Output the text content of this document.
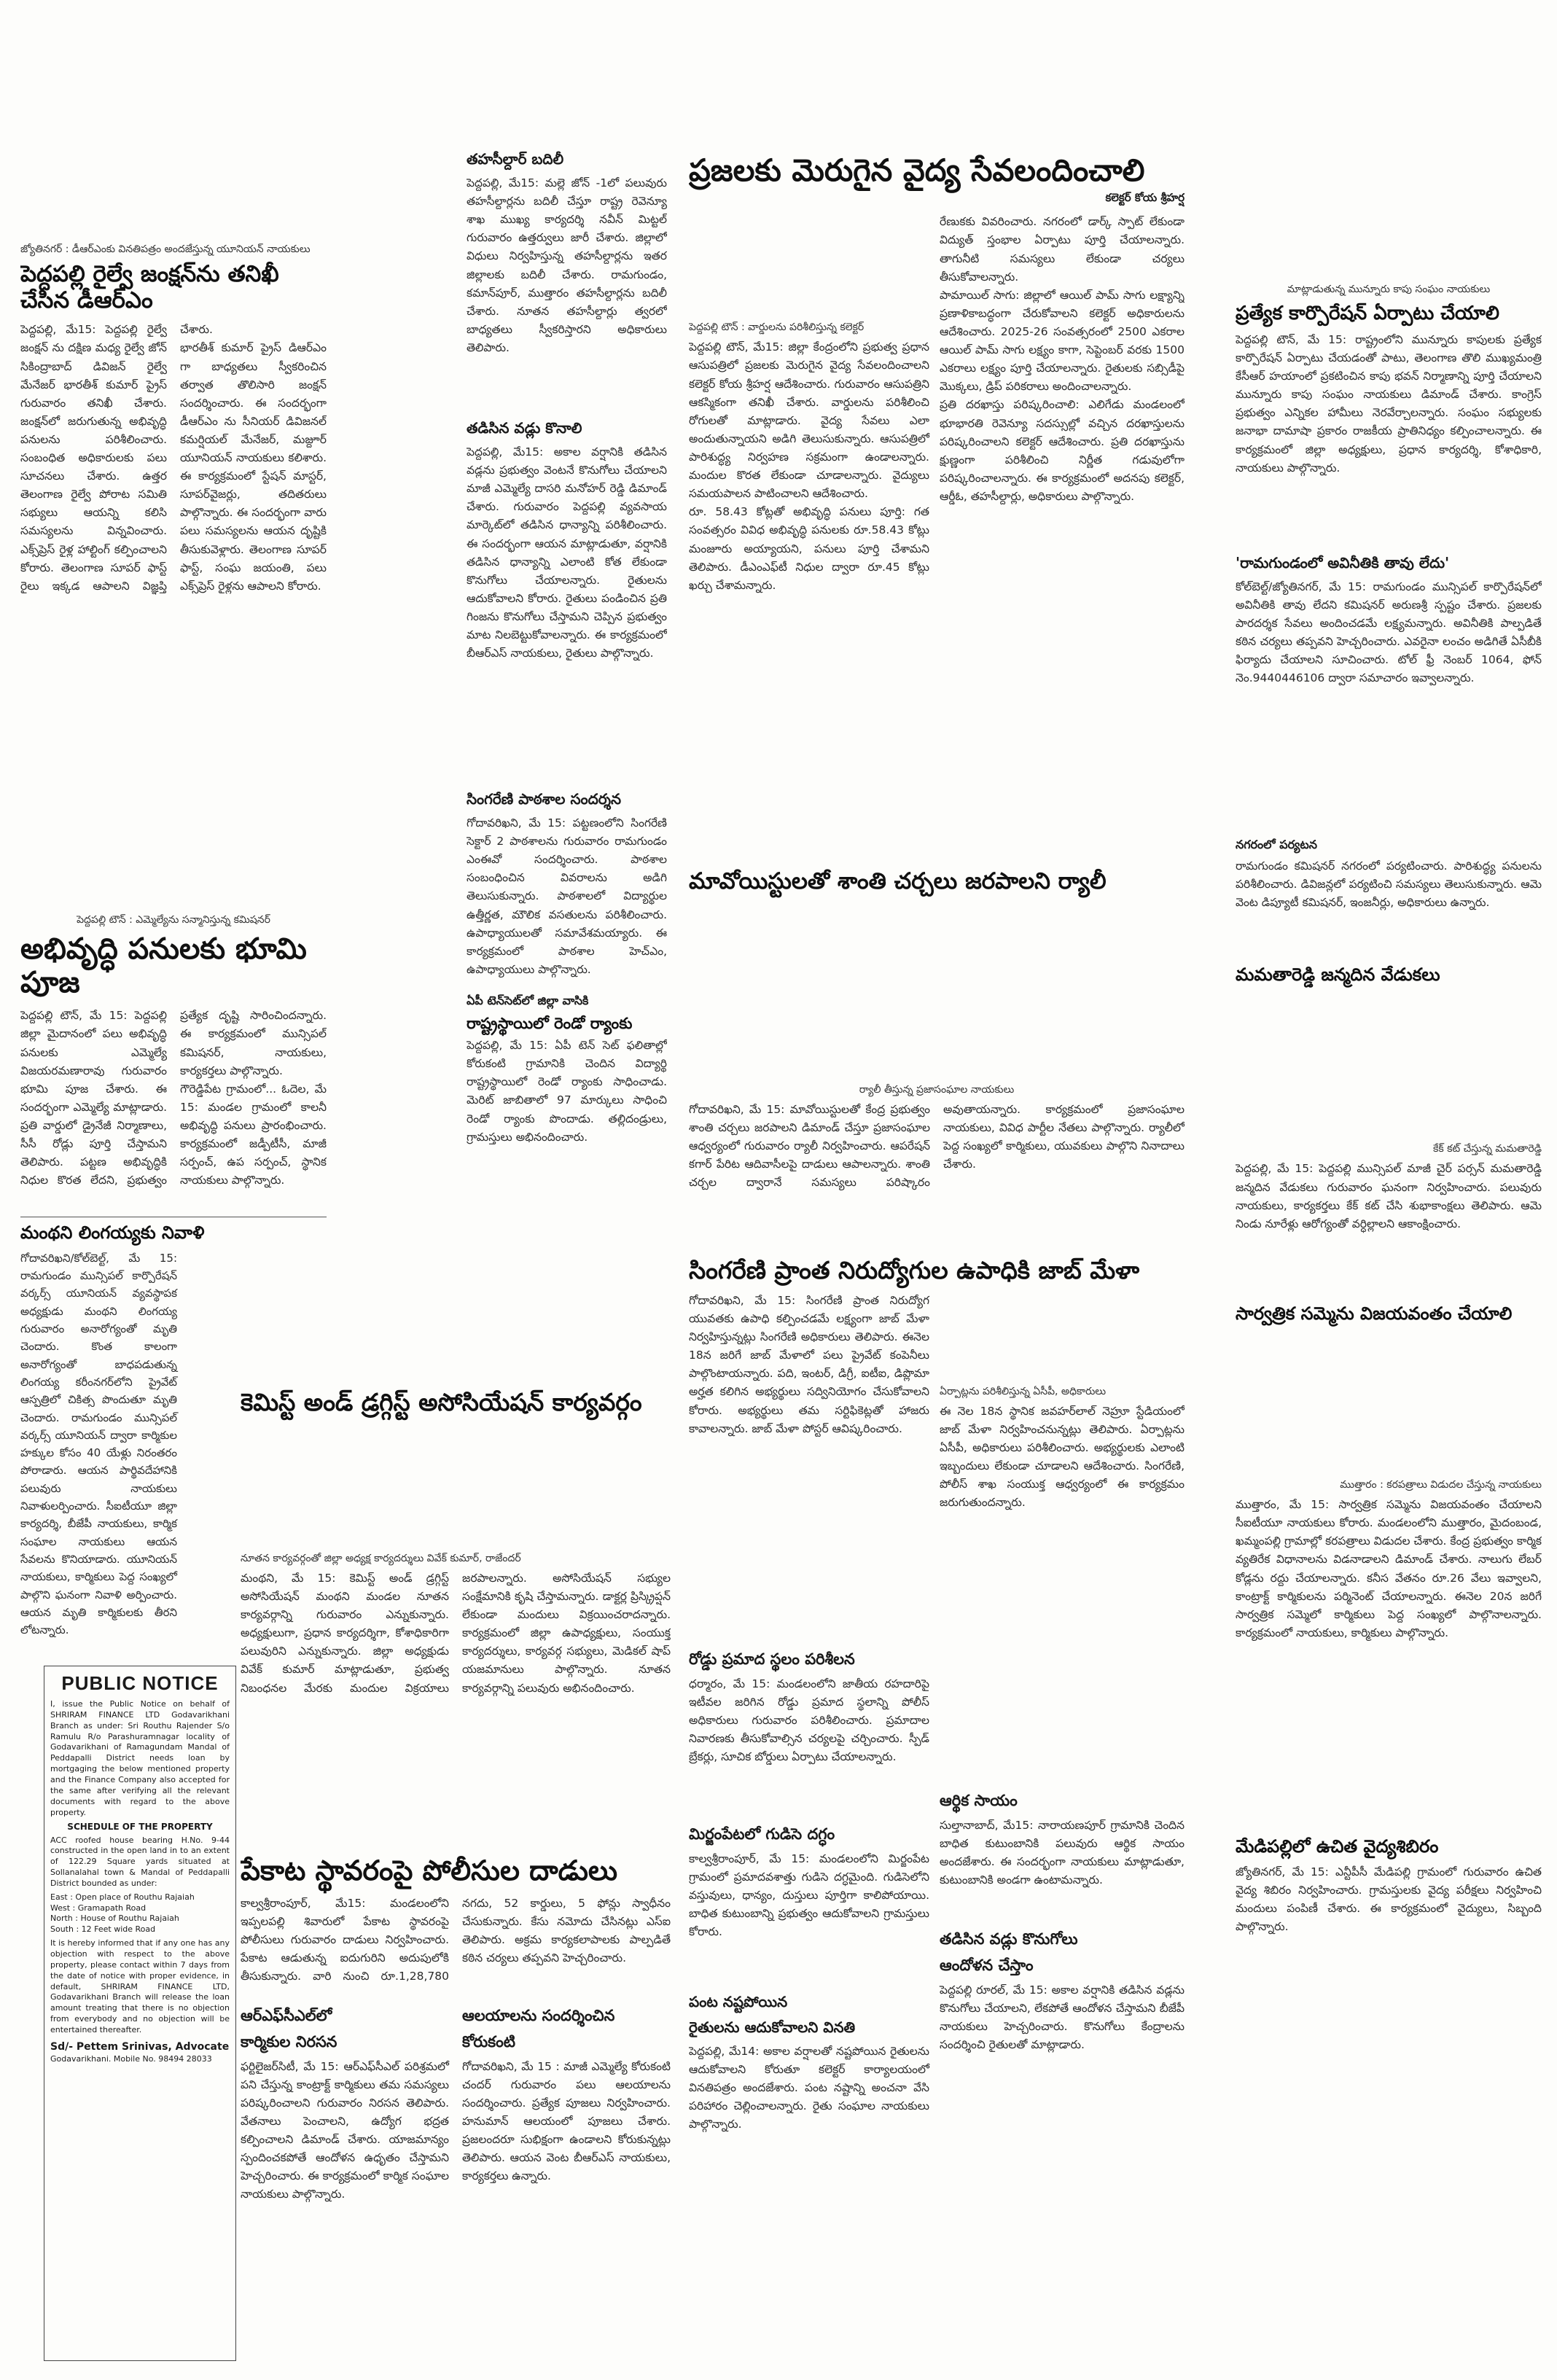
జ్యోతినగర్ : డీఆర్‌ఎంకు వినతిపత్రం అందజేస్తున్న యూనియన్ నాయకులు
పెద్దపల్లి రైల్వే జంక్షన్‌ను తనిఖీ చేసిన డీఆర్‌ఎం
పెద్దపల్లి, మే15: పెద్దపల్లి రైల్వే జంక్షన్ ను దక్షిణ మధ్య రైల్వే జోన్ సికింద్రాబాద్ డివిజన్ రైల్వే మేనేజర్ భారతీశ్ కుమార్ ప్రైస్ గురువారం తనిఖీ చేశారు. జంక్షన్‌లో జరుగుతున్న అభివృద్ధి పనులను పరిశీలించారు. సంబంధిత అధికారులకు పలు సూచనలు చేశారు. ఉత్తర తెలంగాణ రైల్వే పోరాట సమితి సభ్యులు ఆయన్ని కలిసి సమస్యలను విన్నవించారు. ఎక్స్‌ప్రెస్ రైళ్ల హాల్టింగ్ కల్పించాలని కోరారు. తెలంగాణ సూపర్ ఫాస్ట్ రైలు ఇక్కడ ఆపాలని విజ్ఞప్తి చేశారు.
భారతీశ్ కుమార్ ప్రైస్ డిఆర్‌ఎం గా బాధ్యతలు స్వీకరించిన తర్వాత తొలిసారి జంక్షన్ సందర్శించారు. ఈ సందర్భంగా డీఆర్‌ఎం ను సీనియర్ డివిజనల్ కమర్షియల్ మేనేజర్, మజ్దూర్ యూనియన్ నాయకులు కలిశారు. ఈ కార్యక్రమంలో స్టేషన్ మాస్టర్, సూపర్‌వైజర్లు, తదితరులు పాల్గొన్నారు. ఈ సందర్భంగా వారు పలు సమస్యలను ఆయన దృష్టికి తీసుకువెళ్లారు. తెలంగాణ సూపర్ ఫాస్ట్, సంఘ జయంతి, పలు ఎక్స్‌ప్రెస్ రైళ్లను ఆపాలని కోరారు.
పెద్దపల్లి టౌన్ : ఎమ్మెల్యేను సన్మానిస్తున్న కమిషనర్
అభివృద్ధి పనులకు భూమి పూజ
పెద్దపల్లి టౌన్, మే 15: పెద్దపల్లి జిల్లా మైదానంలో పలు అభివృద్ధి పనులకు ఎమ్మెల్యే విజయరమణారావు గురువారం భూమి పూజ చేశారు. ఈ సందర్భంగా ఎమ్మెల్యే మాట్లాడారు. ప్రతి వార్డులో డ్రైనేజీ నిర్మాణాలు, సీసీ రోడ్లు పూర్తి చేస్తామని తెలిపారు. పట్టణ అభివృద్ధికి నిధుల కొరత లేదని, ప్రభుత్వం ప్రత్యేక దృష్టి సారించిందన్నారు. ఈ కార్యక్రమంలో మున్సిపల్ కమిషనర్, నాయకులు, కార్యకర్తలు పాల్గొన్నారు.
గౌరెడ్డిపేట గ్రామంలో... ఓదెల, మే 15: మండల గ్రామంలో కాలనీ అభివృద్ధి పనులు ప్రారంభించారు. కార్యక్రమంలో జడ్పీటీసీ, మాజీ సర్పంచ్, ఉప సర్పంచ్, స్థానిక నాయకులు పాల్గొన్నారు.
మంథని లింగయ్యకు నివాళి
గోదావరిఖని/కోల్‌బెల్ట్, మే 15: రామగుండం మున్సిపల్ కార్పొరేషన్ వర్కర్స్ యూనియన్ వ్యవస్థాపక అధ్యక్షుడు మంథని లింగయ్య గురువారం అనారోగ్యంతో మృతి చెందారు. కొంత కాలంగా అనారోగ్యంతో బాధపడుతున్న లింగయ్య కరీంనగర్‌లోని ప్రైవేట్ ఆస్పత్రిలో చికిత్స పొందుతూ మృతి చెందారు. రామగుండం మున్సిపల్ వర్కర్స్ యూనియన్ ద్వారా కార్మికుల హక్కుల కోసం 40 యేళ్లు నిరంతరం పోరాడారు. ఆయన పార్థివదేహానికి పలువురు నాయకులు నివాళులర్పించారు. సీఐటీయూ జిల్లా కార్యదర్శి, బీజేపీ నాయకులు, కార్మిక సంఘాల నాయకులు ఆయన సేవలను కొనియాడారు. యూనియన్ నాయకులు, కార్మికులు పెద్ద సంఖ్యలో పాల్గొని ఘనంగా నివాళి అర్పించారు. ఆయన మృతి కార్మికులకు తీరని లోటన్నారు.
PUBLIC NOTICE
I, issue the Public Notice on behalf of SHRIRAM FINANCE LTD Godavarikhani Branch as under: Sri Routhu Rajender S/o Ramulu R/o Parashuramnagar locality of Godavarikhani of Ramagundam Mandal of Peddapalli District needs loan by mortgaging the below mentioned property and the Finance Company also accepted for the same after verifying all the relevant documents with regard to the above property.
SCHEDULE OF THE PROPERTY
ACC roofed house bearing H.No. 9-44 constructed in the open land in to an extent of 122.29 Square yards situated at Sollanalahal town & Mandal of Peddapalli District bounded as under:
East : Open place of Routhu Rajaiah
West : Gramapath Road
North : House of Routhu Rajaiah
South : 12 Feet wide Road
It is hereby informed that if any one has any objection with respect to the above property, please contact within 7 days from the date of notice with proper evidence, in default, SHRIRAM FINANCE LTD, Godavarikhani Branch will release the loan amount treating that there is no objection from everybody and no objection will be entertained thereafter.
Sd/- Pettem Srinivas, Advocate
Godavarikhani. Mobile No. 98494 28033
తహసీల్దార్ బదిలీ
పెద్దపల్లి, మే15: మల్లె జోన్ -1లో పలువురు తహసీల్దార్లను బదిలీ చేస్తూ రాష్ట్ర రెవెన్యూ శాఖ ముఖ్య కార్యదర్శి నవీన్ మిట్టల్ గురువారం ఉత్తర్వులు జారీ చేశారు. జిల్లాలో విధులు నిర్వహిస్తున్న తహసీల్దార్లను ఇతర జిల్లాలకు బదిలీ చేశారు. రామగుండం, కమాన్‌పూర్, ముత్తారం తహసీల్దార్లను బదిలీ చేశారు. నూతన తహసీల్దార్లు త్వరలో బాధ్యతలు స్వీకరిస్తారని అధికారులు తెలిపారు.
తడిసిన వడ్లు కొనాలి
పెద్దపల్లి, మే15: అకాల వర్షానికి తడిసిన వడ్లను ప్రభుత్వం వెంటనే కొనుగోలు చేయాలని మాజీ ఎమ్మెల్యే దాసరి మనోహర్ రెడ్డి డిమాండ్ చేశారు. గురువారం పెద్దపల్లి వ్యవసాయ మార్కెట్‌లో తడిసిన ధాన్యాన్ని పరిశీలించారు. ఈ సందర్భంగా ఆయన మాట్లాడుతూ, వర్షానికి తడిసిన ధాన్యాన్ని ఎలాంటి కోత లేకుండా కొనుగోలు చేయాలన్నారు. రైతులను ఆదుకోవాలని కోరారు. రైతులు పండించిన ప్రతి గింజను కొనుగోలు చేస్తామని చెప్పిన ప్రభుత్వం మాట నిలబెట్టుకోవాలన్నారు. ఈ కార్యక్రమంలో బీఆర్‌ఎస్ నాయకులు, రైతులు పాల్గొన్నారు.
సింగరేణి పాఠశాల సందర్శన
గోదావరిఖని, మే 15: పట్టణంలోని సింగరేణి సెక్టార్ 2 పాఠశాలను గురువారం రామగుండం ఎంఈవో సందర్శించారు. పాఠశాల సంబంధించిన వివరాలను అడిగి తెలుసుకున్నారు. పాఠశాలలో విద్యార్థుల ఉత్తీర్ణత, మౌలిక వసతులను పరిశీలించారు. ఉపాధ్యాయులతో సమావేశమయ్యారు. ఈ కార్యక్రమంలో పాఠశాల హెచ్‌ఎం, ఉపాధ్యాయులు పాల్గొన్నారు.
ఏపీ టెన్‌సెట్‌లో జిల్లా వాసికి
రాష్ట్రస్థాయిలో రెండో ర్యాంకు
పెద్దపల్లి, మే 15: ఏపీ టెన్ సెట్ ఫలితాల్లో కోరుకంటి గ్రామానికి చెందిన విద్యార్థి రాష్ట్రస్థాయిలో రెండో ర్యాంకు సాధించాడు. మెరిట్ జాబితాలో 97 మార్కులు సాధించి రెండో ర్యాంకు పొందాడు. తల్లిదండ్రులు, గ్రామస్తులు అభినందించారు.
కెమిస్ట్ అండ్ డ్రగ్గిస్ట్ అసోసియేషన్ కార్యవర్గం
నూతన కార్యవర్గంతో జిల్లా అధ్యక్ష కార్యదర్శులు వివేక్ కుమార్, రాజేందర్
మంథని, మే 15: కెమిస్ట్ అండ్ డ్రగ్గిస్ట్ అసోసియేషన్ మంథని మండల నూతన కార్యవర్గాన్ని గురువారం ఎన్నుకున్నారు. అధ్యక్షులుగా, ప్రధాన కార్యదర్శిగా, కోశాధికారిగా పలువురిని ఎన్నుకున్నారు. జిల్లా అధ్యక్షుడు వివేక్ కుమార్ మాట్లాడుతూ, ప్రభుత్వ నిబంధనల మేరకు మందుల విక్రయాలు జరపాలన్నారు. అసోసియేషన్ సభ్యుల సంక్షేమానికి కృషి చేస్తామన్నారు. డాక్టర్ల ప్రిస్క్రిప్షన్ లేకుండా మందులు విక్రయించరాదన్నారు. కార్యక్రమంలో జిల్లా ఉపాధ్యక్షులు, సంయుక్త కార్యదర్శులు, కార్యవర్గ సభ్యులు, మెడికల్ షాప్ యజమానులు పాల్గొన్నారు. నూతన కార్యవర్గాన్ని పలువురు అభినందించారు.
పేకాట స్థావరంపై పోలీసుల దాడులు
కాల్వశ్రీరాంపూర్, మే15: మండలంలోని ఇప్పలపల్లి శివారులో పేకాట స్థావరంపై పోలీసులు గురువారం దాడులు నిర్వహించారు. పేకాట ఆడుతున్న ఐదుగురిని అదుపులోకి తీసుకున్నారు. వారి నుంచి రూ.1,28,780 నగదు, 52 కార్డులు, 5 ఫోన్లు స్వాధీనం చేసుకున్నారు. కేసు నమోదు చేసినట్లు ఎస్ఐ తెలిపారు. అక్రమ కార్యకలాపాలకు పాల్పడితే కఠిన చర్యలు తప్పవని హెచ్చరించారు.
ఆర్‌ఎఫ్‌సీఎల్‌లో
కార్మికుల నిరసన
ఫర్టిలైజర్‌సిటీ, మే 15: ఆర్‌ఎఫ్‌సీఎల్ పరిశ్రమలో పని చేస్తున్న కాంట్రాక్ట్ కార్మికులు తమ సమస్యలు పరిష్కరించాలని గురువారం నిరసన తెలిపారు. వేతనాలు పెంచాలని, ఉద్యోగ భద్రత కల్పించాలని డిమాండ్ చేశారు. యాజమాన్యం స్పందించకపోతే ఆందోళన ఉధృతం చేస్తామని హెచ్చరించారు. ఈ కార్యక్రమంలో కార్మిక సంఘాల నాయకులు పాల్గొన్నారు.
ఆలయాలను సందర్శించిన
కోరుకంటి
గోదావరిఖని, మే 15 : మాజీ ఎమ్మెల్యే కోరుకంటి చందర్ గురువారం పలు ఆలయాలను సందర్శించారు. ప్రత్యేక పూజలు నిర్వహించారు. హనుమాన్ ఆలయంలో పూజలు చేశారు. ప్రజలందరూ సుభిక్షంగా ఉండాలని కోరుకున్నట్లు తెలిపారు. ఆయన వెంట బీఆర్ఎస్ నాయకులు, కార్యకర్తలు ఉన్నారు.
ప్రజలకు మెరుగైన వైద్య సేవలందించాలి
కలెక్టర్ కోయ శ్రీహర్ష
పెద్దపల్లి టౌన్ : వార్డులను పరిశీలిస్తున్న కలెక్టర్
పెద్దపల్లి టౌన్, మే15: జిల్లా కేంద్రంలోని ప్రభుత్వ ప్రధాన ఆసుపత్రిలో ప్రజలకు మెరుగైన వైద్య సేవలందించాలని కలెక్టర్ కోయ శ్రీహర్ష ఆదేశించారు. గురువారం ఆసుపత్రిని ఆకస్మికంగా తనిఖీ చేశారు. వార్డులను పరిశీలించి రోగులతో మాట్లాడారు. వైద్య సేవలు ఎలా అందుతున్నాయని అడిగి తెలుసుకున్నారు. ఆసుపత్రిలో పారిశుద్ధ్య నిర్వహణ సక్రమంగా ఉండాలన్నారు. మందుల కొరత లేకుండా చూడాలన్నారు. వైద్యులు సమయపాలన పాటించాలని ఆదేశించారు.
రూ. 58.43 కోట్లతో అభివృద్ధి పనులు పూర్తి: గత సంవత్సరం వివిధ అభివృద్ధి పనులకు రూ.58.43 కోట్లు మంజూరు అయ్యాయని, పనులు పూర్తి చేశామని తెలిపారు. డీఎంఎఫ్‌టీ నిధుల ద్వారా రూ.45 కోట్లు ఖర్చు చేశామన్నారు.
రేణుకకు వివరించారు. నగరంలో డార్క్ స్పాట్ లేకుండా విద్యుత్ స్తంభాల ఏర్పాటు పూర్తి చేయాలన్నారు. తాగునీటి సమస్యలు లేకుండా చర్యలు తీసుకోవాలన్నారు.
పామాయిల్ సాగు: జిల్లాలో ఆయిల్ పామ్ సాగు లక్ష్యాన్ని ప్రణాళికాబద్ధంగా చేరుకోవాలని కలెక్టర్ అధికారులను ఆదేశించారు. 2025-26 సంవత్సరంలో 2500 ఎకరాల ఆయిల్ పామ్ సాగు లక్ష్యం కాగా, సెప్టెంబర్ వరకు 1500 ఎకరాలు లక్ష్యం పూర్తి చేయాలన్నారు. రైతులకు సబ్సిడీపై మొక్కలు, డ్రిప్ పరికరాలు అందించాలన్నారు.
ప్రతి దరఖాస్తు పరిష్కరించాలి: ఎలిగేడు మండలంలో భూభారతి రెవెన్యూ సదస్సుల్లో వచ్చిన దరఖాస్తులను పరిష్కరించాలని కలెక్టర్ ఆదేశించారు. ప్రతి దరఖాస్తును క్షుణ్ణంగా పరిశీలించి నిర్ణీత గడువులోగా పరిష్కరించాలన్నారు. ఈ కార్యక్రమంలో అదనపు కలెక్టర్, ఆర్డీఓ, తహసీల్దార్లు, అధికారులు పాల్గొన్నారు.
మావోయిస్టులతో శాంతి చర్చలు జరపాలని ర్యాలీ
ర్యాలీ తీస్తున్న ప్రజాసంఘాల నాయకులు
గోదావరిఖని, మే 15: మావోయిస్టులతో కేంద్ర ప్రభుత్వం శాంతి చర్చలు జరపాలని డిమాండ్ చేస్తూ ప్రజాసంఘాల ఆధ్వర్యంలో గురువారం ర్యాలీ నిర్వహించారు. ఆపరేషన్ కగార్ పేరిట ఆదివాసీలపై దాడులు ఆపాలన్నారు. శాంతి చర్చల ద్వారానే సమస్యలు పరిష్కారం అవుతాయన్నారు. కార్యక్రమంలో ప్రజాసంఘాల నాయకులు, వివిధ పార్టీల నేతలు పాల్గొన్నారు. ర్యాలీలో పెద్ద సంఖ్యలో కార్మికులు, యువకులు పాల్గొని నినాదాలు చేశారు.
సింగరేణి ప్రాంత నిరుద్యోగుల ఉపాధికి జాబ్ మేళా
గోదావరిఖని, మే 15: సింగరేణి ప్రాంత నిరుద్యోగ యువతకు ఉపాధి కల్పించడమే లక్ష్యంగా జాబ్ మేళా నిర్వహిస్తున్నట్లు సింగరేణి అధికారులు తెలిపారు. ఈనెల 18న జరిగే జాబ్ మేళాలో పలు ప్రైవేట్ కంపెనీలు పాల్గొంటాయన్నారు. పది, ఇంటర్, డిగ్రీ, ఐటీఐ, డిప్లొమా అర్హత కలిగిన అభ్యర్థులు సద్వినియోగం చేసుకోవాలని కోరారు. అభ్యర్థులు తమ సర్టిఫికెట్లతో హాజరు కావాలన్నారు. జాబ్ మేళా పోస్టర్ ఆవిష్కరించారు.
ఏర్పాట్లను పరిశీలిస్తున్న ఏసీపీ, అధికారులు
ఈ నెల 18న స్థానిక జవహర్‌లాల్ నెహ్రూ స్టేడియంలో జాబ్ మేళా నిర్వహించనున్నట్లు తెలిపారు. ఏర్పాట్లను ఏసీపీ, అధికారులు పరిశీలించారు. అభ్యర్థులకు ఎలాంటి ఇబ్బందులు లేకుండా చూడాలని ఆదేశించారు. సింగరేణి, పోలీస్ శాఖ సంయుక్త ఆధ్వర్యంలో ఈ కార్యక్రమం జరుగుతుందన్నారు.
రోడ్డు ప్రమాద స్థలం పరిశీలన
ధర్మారం, మే 15: మండలంలోని జాతీయ రహదారిపై ఇటీవల జరిగిన రోడ్డు ప్రమాద స్థలాన్ని పోలీస్ అధికారులు గురువారం పరిశీలించారు. ప్రమాదాల నివారణకు తీసుకోవాల్సిన చర్యలపై చర్చించారు. స్పీడ్ బ్రేకర్లు, సూచిక బోర్డులు ఏర్పాటు చేయాలన్నారు.
మిర్జంపేటలో గుడిసె దగ్ధం
కాల్వశ్రీరాంపూర్, మే 15: మండలంలోని మిర్జంపేట గ్రామంలో ప్రమాదవశాత్తు గుడిసె దగ్ధమైంది. గుడిసెలోని వస్తువులు, ధాన్యం, దుస్తులు పూర్తిగా కాలిపోయాయి. బాధిత కుటుంబాన్ని ప్రభుత్వం ఆదుకోవాలని గ్రామస్తులు కోరారు.
పంట నష్టపోయిన
రైతులను ఆదుకోవాలని వినతి
పెద్దపల్లి, మే14: అకాల వర్షాలతో నష్టపోయిన రైతులను ఆదుకోవాలని కోరుతూ కలెక్టర్ కార్యాలయంలో వినతిపత్రం అందజేశారు. పంట నష్టాన్ని అంచనా వేసి పరిహారం చెల్లించాలన్నారు. రైతు సంఘాల నాయకులు పాల్గొన్నారు.
ఆర్థిక సాయం
సుల్తానాబాద్, మే15: నారాయణపూర్ గ్రామానికి చెందిన బాధిత కుటుంబానికి పలువురు ఆర్థిక సాయం అందజేశారు. ఈ సందర్భంగా నాయకులు మాట్లాడుతూ, కుటుంబానికి అండగా ఉంటామన్నారు.
తడిసిన వడ్లు కొనుగోలు
ఆందోళన చేస్తాం
పెద్దపల్లి రూరల్, మే 15: అకాల వర్షానికి తడిసిన వడ్లను కొనుగోలు చేయాలని, లేకపోతే ఆందోళన చేస్తామని బీజేపీ నాయకులు హెచ్చరించారు. కొనుగోలు కేంద్రాలను సందర్శించి రైతులతో మాట్లాడారు.
మాట్లాడుతున్న మున్నూరు కాపు సంఘం నాయకులు
ప్రత్యేక కార్పొరేషన్ ఏర్పాటు చేయాలి
పెద్దపల్లి టౌన్, మే 15: రాష్ట్రంలోని మున్నూరు కాపులకు ప్రత్యేక కార్పొరేషన్ ఏర్పాటు చేయడంతో పాటు, తెలంగాణ తొలి ముఖ్యమంత్రి కేసీఆర్ హయాంలో ప్రకటించిన కాపు భవన్ నిర్మాణాన్ని పూర్తి చేయాలని మున్నూరు కాపు సంఘం నాయకులు డిమాండ్ చేశారు. కాంగ్రెస్ ప్రభుత్వం ఎన్నికల హామీలు నెరవేర్చాలన్నారు. సంఘం సభ్యులకు జనాభా దామాషా ప్రకారం రాజకీయ ప్రాతినిధ్యం కల్పించాలన్నారు. ఈ కార్యక్రమంలో జిల్లా అధ్యక్షులు, ప్రధాన కార్యదర్శి, కోశాధికారి, నాయకులు పాల్గొన్నారు.
'రామగుండంలో అవినీతికి తావు లేదు'
కోల్‌బెల్ట్/జ్యోతినగర్, మే 15: రామగుండం మున్సిపల్ కార్పొరేషన్‌లో అవినీతికి తావు లేదని కమిషనర్ అరుణశ్రీ స్పష్టం చేశారు. ప్రజలకు పారదర్శక సేవలు అందించడమే లక్ష్యమన్నారు. అవినీతికి పాల్పడితే కఠిన చర్యలు తప్పవని హెచ్చరించారు. ఎవరైనా లంచం అడిగితే ఏసీబీకి ఫిర్యాదు చేయాలని సూచించారు. టోల్ ఫ్రీ నెంబర్ 1064, ఫోన్ నెం.9440446106 ద్వారా సమాచారం ఇవ్వాలన్నారు.
నగరంలో పర్యటన
రామగుండం కమిషనర్ నగరంలో పర్యటించారు. పారిశుద్ధ్య పనులను పరిశీలించారు. డివిజన్లలో పర్యటించి సమస్యలు తెలుసుకున్నారు. ఆమె వెంట డిప్యూటీ కమిషనర్, ఇంజనీర్లు, అధికారులు ఉన్నారు.
మమతారెడ్డి జన్మదిన వేడుకలు
కేక్ కట్ చేస్తున్న మమతారెడ్డి
పెద్దపల్లి, మే 15: పెద్దపల్లి మున్సిపల్ మాజీ చైర్ పర్సన్ మమతారెడ్డి జన్మదిన వేడుకలు గురువారం ఘనంగా నిర్వహించారు. పలువురు నాయకులు, కార్యకర్తలు కేక్ కట్ చేసి శుభాకాంక్షలు తెలిపారు. ఆమె నిండు నూరేళ్లు ఆరోగ్యంతో వర్ధిల్లాలని ఆకాంక్షించారు.
సార్వత్రిక సమ్మెను విజయవంతం చేయాలి
ముత్తారం : కరపత్రాలు విడుదల చేస్తున్న నాయకులు
ముత్తారం, మే 15: సార్వత్రిక సమ్మెను విజయవంతం చేయాలని సీఐటీయూ నాయకులు కోరారు. మండలంలోని ముత్తారం, మైదంబండ, ఖమ్మంపల్లి గ్రామాల్లో కరపత్రాలు విడుదల చేశారు. కేంద్ర ప్రభుత్వం కార్మిక వ్యతిరేక విధానాలను విడనాడాలని డిమాండ్ చేశారు. నాలుగు లేబర్ కోడ్లను రద్దు చేయాలన్నారు. కనీస వేతనం రూ.26 వేలు ఇవ్వాలని, కాంట్రాక్ట్ కార్మికులను పర్మినెంట్ చేయాలన్నారు. ఈనెల 20న జరిగే సార్వత్రిక సమ్మెలో కార్మికులు పెద్ద సంఖ్యలో పాల్గొనాలన్నారు. కార్యక్రమంలో నాయకులు, కార్మికులు పాల్గొన్నారు.
మేడిపల్లిలో ఉచిత వైద్యశిబిరం
జ్యోతినగర్, మే 15: ఎన్టీపీసీ మేడిపల్లి గ్రామంలో గురువారం ఉచిత వైద్య శిబిరం నిర్వహించారు. గ్రామస్తులకు వైద్య పరీక్షలు నిర్వహించి మందులు పంపిణీ చేశారు. ఈ కార్యక్రమంలో వైద్యులు, సిబ్బంది పాల్గొన్నారు.
